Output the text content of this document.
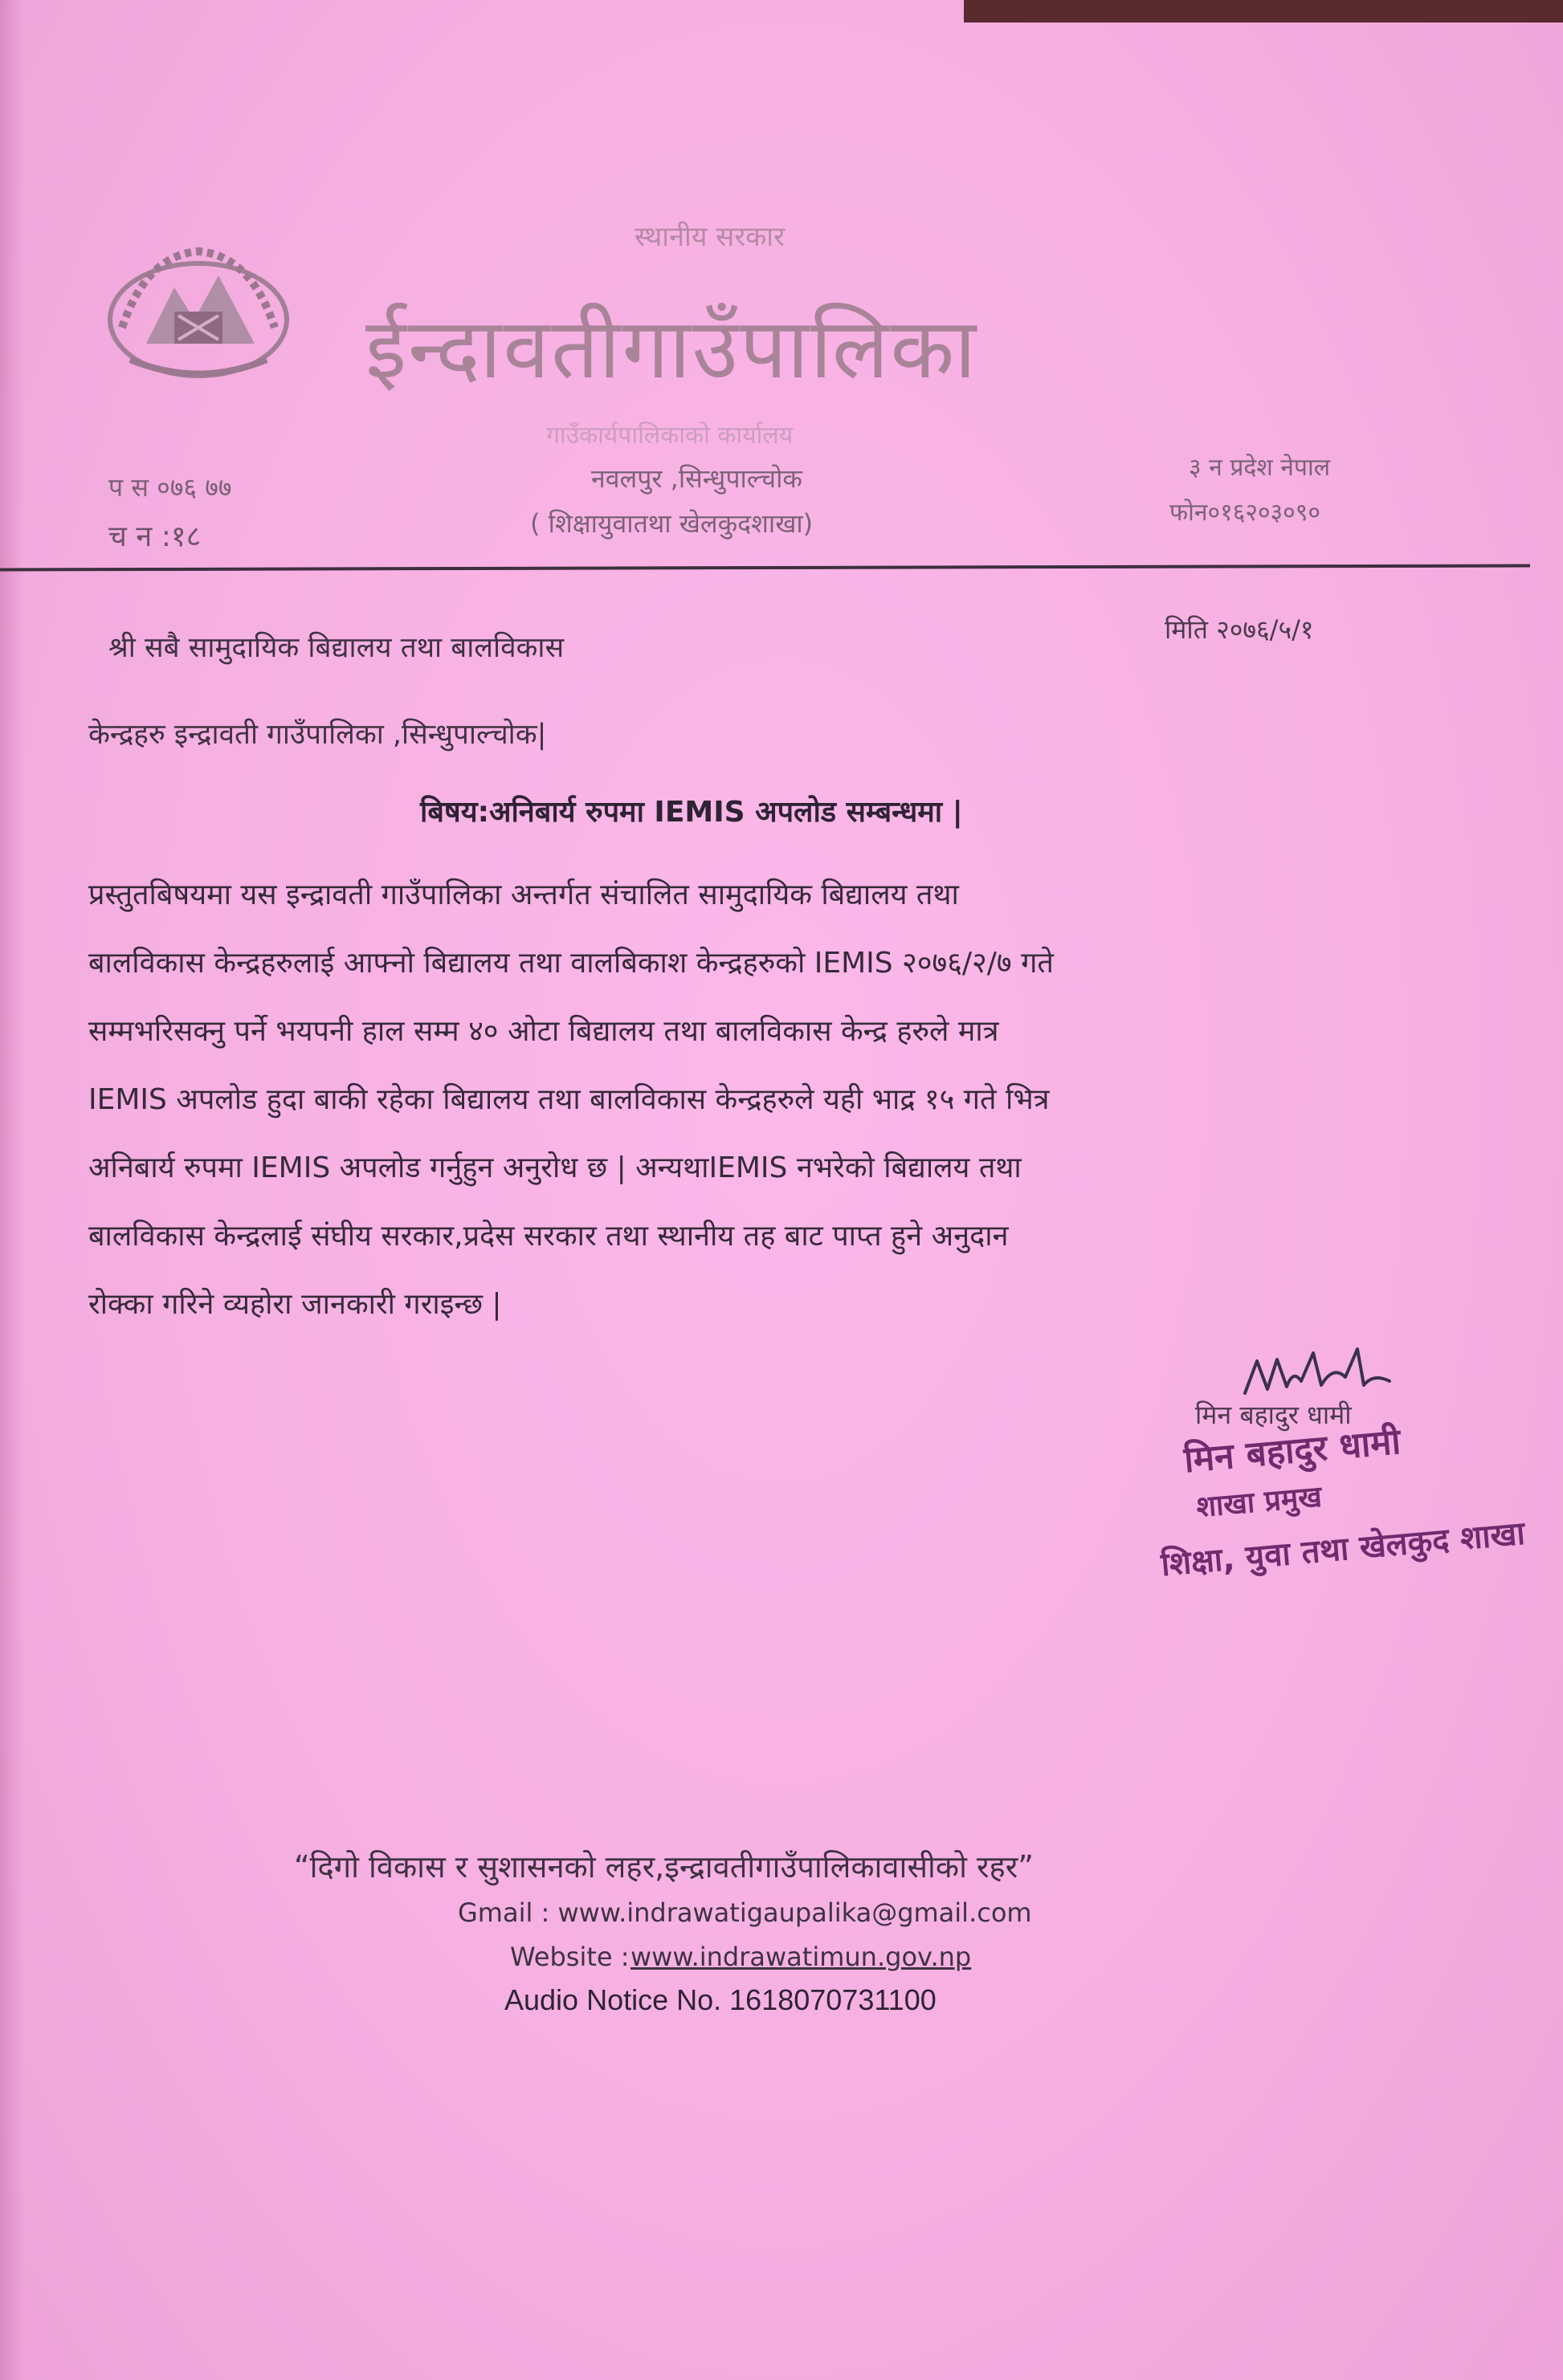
स्थानीय सरकार
ईन्दावतीगाउँपालिका
गाउँकार्यपालिकाको कार्यालय
नवलपुर ,सिन्धुपाल्चोक
( शिक्षायुवातथा खेलकुदशाखा)
प स ०७६ ७७
च न :१८
३ न प्रदेश नेपाल
फोन०१६२०३०९०
श्री सबै सामुदायिक बिद्यालय तथा बालविकास
मिति २०७६/५/१
केन्द्रहरु इन्द्रावती गाउँपालिका ,सिन्धुपाल्चोक|
बिषय:अनिबार्य रुपमा IEMIS अपलोड सम्बन्धमा |
प्रस्तुतबिषयमा यस इन्द्रावती गाउँपालिका अन्तर्गत संचालित सामुदायिक बिद्यालय तथा
बालविकास केन्द्रहरुलाई आफ्नो बिद्यालय तथा वालबिकाश केन्द्रहरुको IEMIS २०७६/२/७ गते
सम्मभरिसक्नु पर्ने भयपनी हाल सम्म ४० ओटा बिद्यालय तथा बालविकास केन्द्र हरुले मात्र
IEMIS अपलोड हुदा बाकी रहेका बिद्यालय तथा बालविकास केन्द्रहरुले यही भाद्र १५ गते भित्र
अनिबार्य रुपमा IEMIS अपलोड गर्नुहुन अनुरोध छ | अन्यथाIEMIS नभरेको बिद्यालय तथा
बालविकास केन्द्रलाई संघीय सरकार,प्रदेस सरकार तथा स्थानीय तह बाट पाप्त हुने अनुदान
रोक्का गरिने व्यहोरा जानकारी गराइन्छ |
मिन बहादुर धामी
मिन बहादुर धामी
शाखा प्रमुख
शिक्षा, युवा तथा खेलकुद शाखा
“दिगो विकास र सुशासनको लहर,इन्द्रावतीगाउँपालिकावासीको रहर”
Gmail : www.indrawatigaupalika@gmail.com
Website : www.indrawatimun.gov.np
Audio Notice No. 1618070731100
